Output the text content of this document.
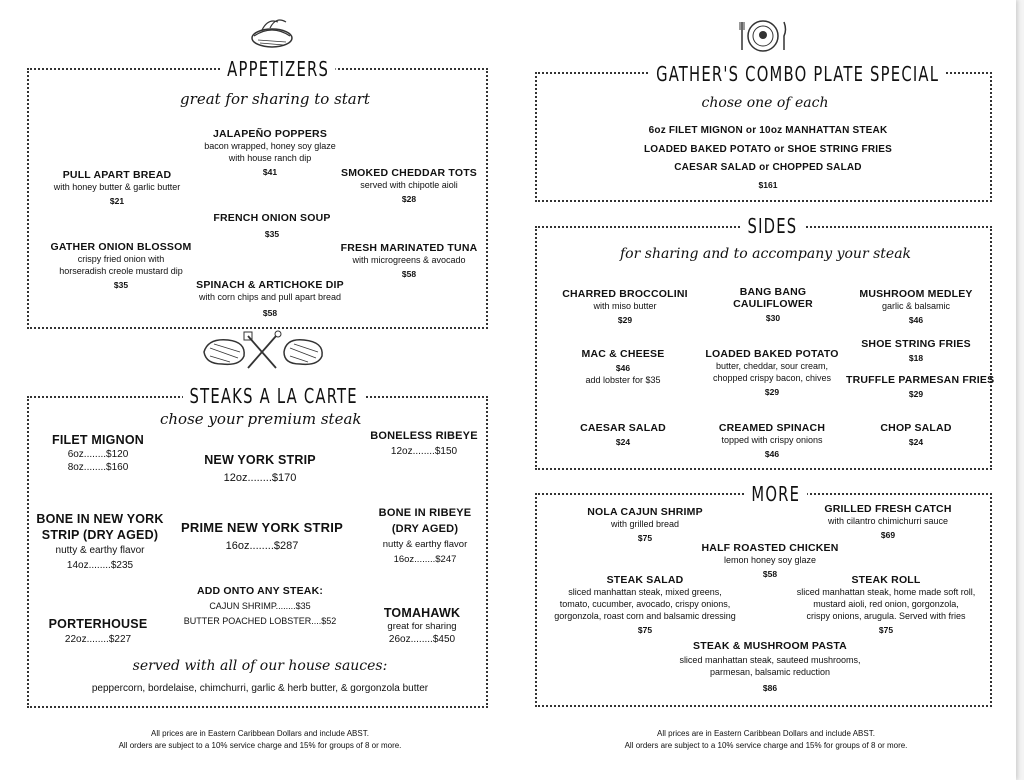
APPETIZERS
great for sharing to start
JALAPEÑO POPPERS
bacon wrapped, honey soy glaze
with house ranch dip
$41
PULL APART BREAD
with honey butter & garlic butter
$21
SMOKED CHEDDAR TOTS
served with chipotle aioli
$28
FRENCH ONION SOUP
$35
GATHER ONION BLOSSOM
crispy fried onion with
horseradish creole mustard dip
$35
FRESH MARINATED TUNA
with microgreens & avocado
$58
SPINACH & ARTICHOKE DIP
with corn chips and pull apart bread
$58
STEAKS A LA CARTE
chose your premium steak
FILET MIGNON
6oz........$120
8oz........$160
NEW YORK STRIP
12oz........$170
BONELESS RIBEYE
12oz........$150
BONE IN NEW YORK
STRIP (DRY AGED)
nutty & earthy flavor
14oz........$235
PRIME NEW YORK STRIP
16oz........$287
BONE IN RIBEYE
(DRY AGED)
nutty & earthy flavor
16oz........$247
ADD ONTO ANY STEAK:
CAJUN SHRIMP........$35
BUTTER POACHED LOBSTER....$52
PORTERHOUSE
22oz........$227
TOMAHAWK
great for sharing
26oz........$450
served with all of our house sauces:
peppercorn, bordelaise, chimchurri, garlic & herb butter, & gorgonzola butter
GATHER'S COMBO PLATE SPECIAL
chose one of each
6oz FILET MIGNON or 10oz MANHATTAN STEAK
LOADED BAKED POTATO or SHOE STRING FRIES
CAESAR SALAD or CHOPPED SALAD
$161
SIDES
for sharing and to accompany your steak
CHARRED BROCCOLINI
with miso butter
$29
BANG BANG
CAULIFLOWER
$30
MUSHROOM MEDLEY
garlic & balsamic
$46
MAC & CHEESE
$46
add lobster for $35
LOADED BAKED POTATO
butter, cheddar, sour cream,
chopped crispy bacon, chives
$29
SHOE STRING FRIES
$18
TRUFFLE PARMESAN FRIES
$29
CAESAR SALAD
$24
CREAMED SPINACH
topped with crispy onions
$46
CHOP SALAD
$24
MORE
NOLA CAJUN SHRIMP
with grilled bread
$75
GRILLED FRESH CATCH
with cilantro chimichurri sauce
$69
HALF ROASTED CHICKEN
lemon honey soy glaze
$58
STEAK SALAD
sliced manhattan steak, mixed greens,
tomato, cucumber, avocado, crispy onions,
gorgonzola, roast corn and balsamic dressing
$75
STEAK ROLL
sliced manhattan steak, home made soft roll,
mustard aioli, red onion, gorgonzola,
crispy onions, arugula. Served with fries
$75
STEAK & MUSHROOM PASTA
sliced manhattan steak, sauteed mushrooms,
parmesan, balsamic reduction
$86
All prices are in Eastern Caribbean Dollars and include ABST.
All orders are subject to a 10% service charge and 15% for groups of 8 or more.
All prices are in Eastern Caribbean Dollars and include ABST.
All orders are subject to a 10% service charge and 15% for groups of 8 or more.
